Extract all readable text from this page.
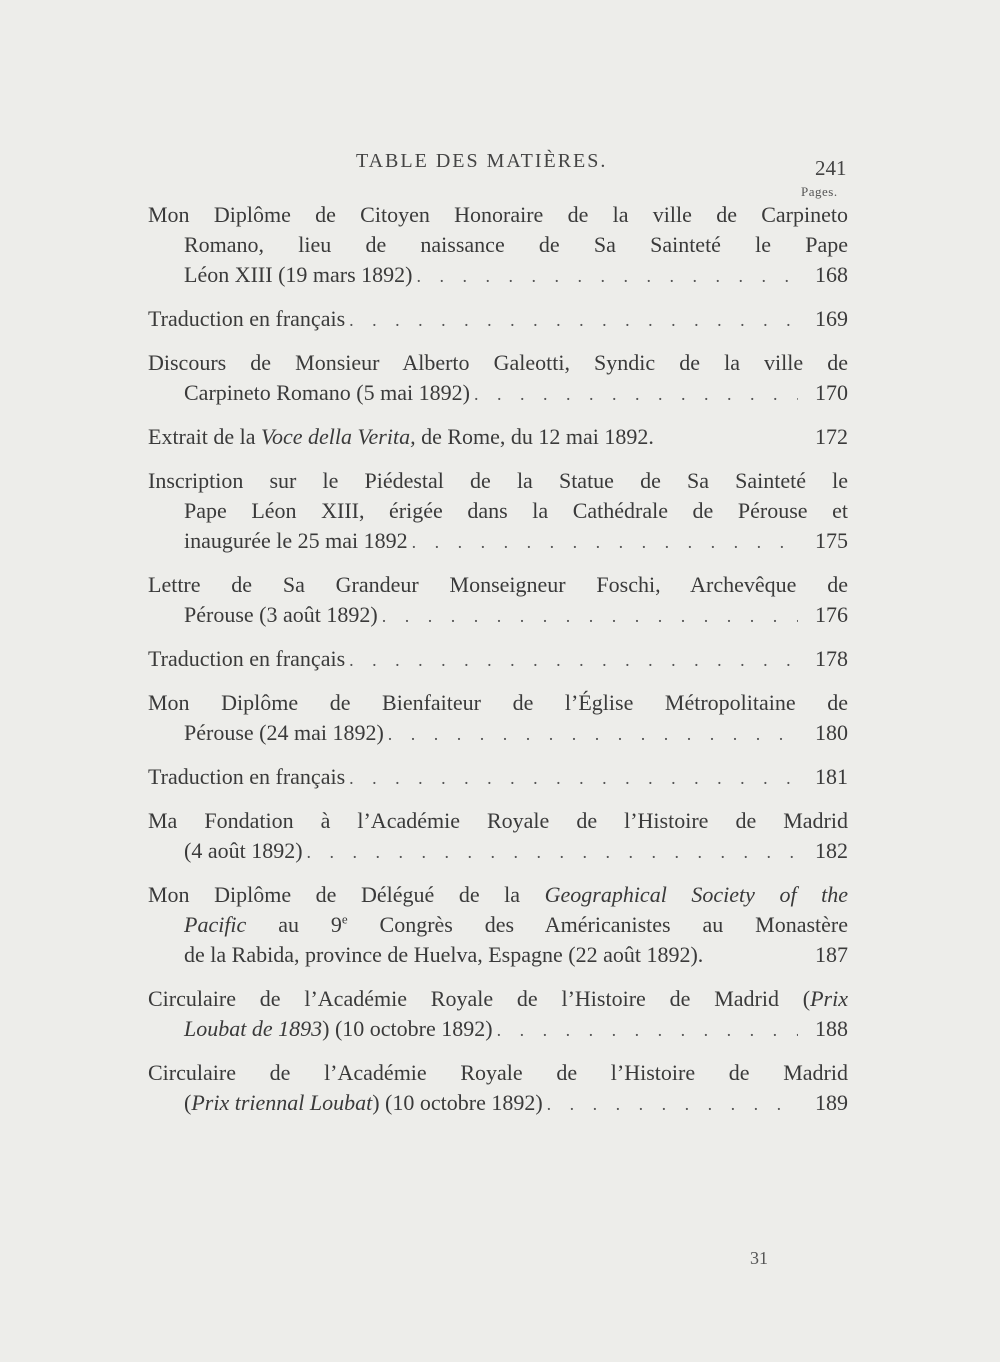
TABLE DES MATIÈRES.	241
Pages.
Mon Diplôme de Citoyen Honoraire de la ville de Carpineto
Romano, lieu de naissance de Sa Sainteté le Pape
Léon XIII (19 mars 1892) . . .	168
Traduction en français . . .	169
Discours de Monsieur Alberto Galeotti, Syndic de la ville de
Carpineto Romano (5 mai 1892) . . .	170
Extrait de la Voce della Verita, de Rome, du 12 mai 1892.	172
Inscription sur le Piédestal de la Statue de Sa Sainteté le
Pape Léon XIII, érigée dans la Cathédrale de Pérouse et
inaugurée le 25 mai 1892 . . .	175
Lettre de Sa Grandeur Monseigneur Foschi, Archevêque de
Pérouse (3 août 1892) . . .	176
Traduction en français . . .	178
Mon Diplôme de Bienfaiteur de l’Église Métropolitaine de
Pérouse (24 mai 1892) . . .	180
Traduction en français . . .	181
Ma Fondation à l’Académie Royale de l’Histoire de Madrid
(4 août 1892) . . .	182
Mon Diplôme de Délégué de la Geographical Society of the
Pacific au 9e Congrès des Américanistes au Monastère
de la Rabida, province de Huelva, Espagne (22 août 1892).	187
Circulaire de l’Académie Royale de l’Histoire de Madrid (Prix
Loubat de 1893) (10 octobre 1892) . . .	188
Circulaire de l’Académie Royale de l’Histoire de Madrid
(Prix triennal Loubat) (10 octobre 1892) . . .	189
31
